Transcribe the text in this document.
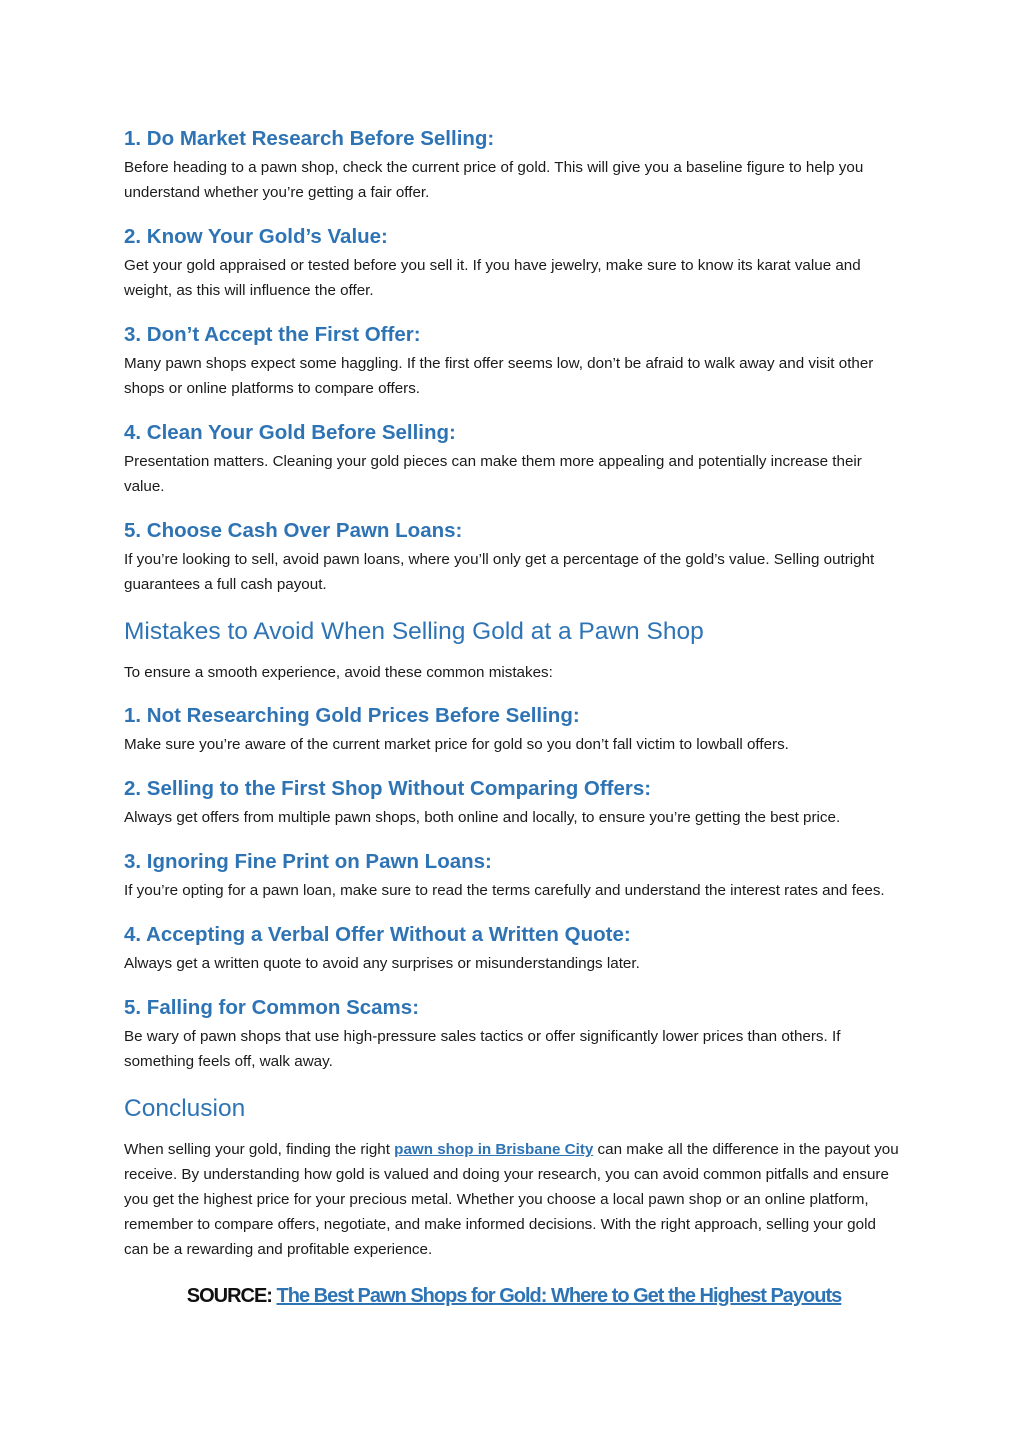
1. Do Market Research Before Selling:

Before heading to a pawn shop, check the current price of gold. This will give you a baseline figure to help you understand whether you’re getting a fair offer.

2. Know Your Gold’s Value:

Get your gold appraised or tested before you sell it. If you have jewelry, make sure to know its karat value and weight, as this will influence the offer.

3. Don’t Accept the First Offer:

Many pawn shops expect some haggling. If the first offer seems low, don’t be afraid to walk away and visit other shops or online platforms to compare offers.

4. Clean Your Gold Before Selling:

Presentation matters. Cleaning your gold pieces can make them more appealing and potentially increase their value.

5. Choose Cash Over Pawn Loans:

If you’re looking to sell, avoid pawn loans, where you’ll only get a percentage of the gold’s value. Selling outright guarantees a full cash payout.

Mistakes to Avoid When Selling Gold at a Pawn Shop

To ensure a smooth experience, avoid these common mistakes:

1. Not Researching Gold Prices Before Selling:

Make sure you’re aware of the current market price for gold so you don’t fall victim to lowball offers.

2. Selling to the First Shop Without Comparing Offers:

Always get offers from multiple pawn shops, both online and locally, to ensure you’re getting the best price.

3. Ignoring Fine Print on Pawn Loans:

If you’re opting for a pawn loan, make sure to read the terms carefully and understand the interest rates and fees.

4. Accepting a Verbal Offer Without a Written Quote:

Always get a written quote to avoid any surprises or misunderstandings later.

5. Falling for Common Scams:

Be wary of pawn shops that use high-pressure sales tactics or offer significantly lower prices than others. If something feels off, walk away.

Conclusion

When selling your gold, finding the right pawn shop in Brisbane City can make all the difference in the payout you receive. By understanding how gold is valued and doing your research, you can avoid common pitfalls and ensure you get the highest price for your precious metal. Whether you choose a local pawn shop or an online platform, remember to compare offers, negotiate, and make informed decisions. With the right approach, selling your gold can be a rewarding and profitable experience.

SOURCE: The Best Pawn Shops for Gold: Where to Get the Highest Payouts
